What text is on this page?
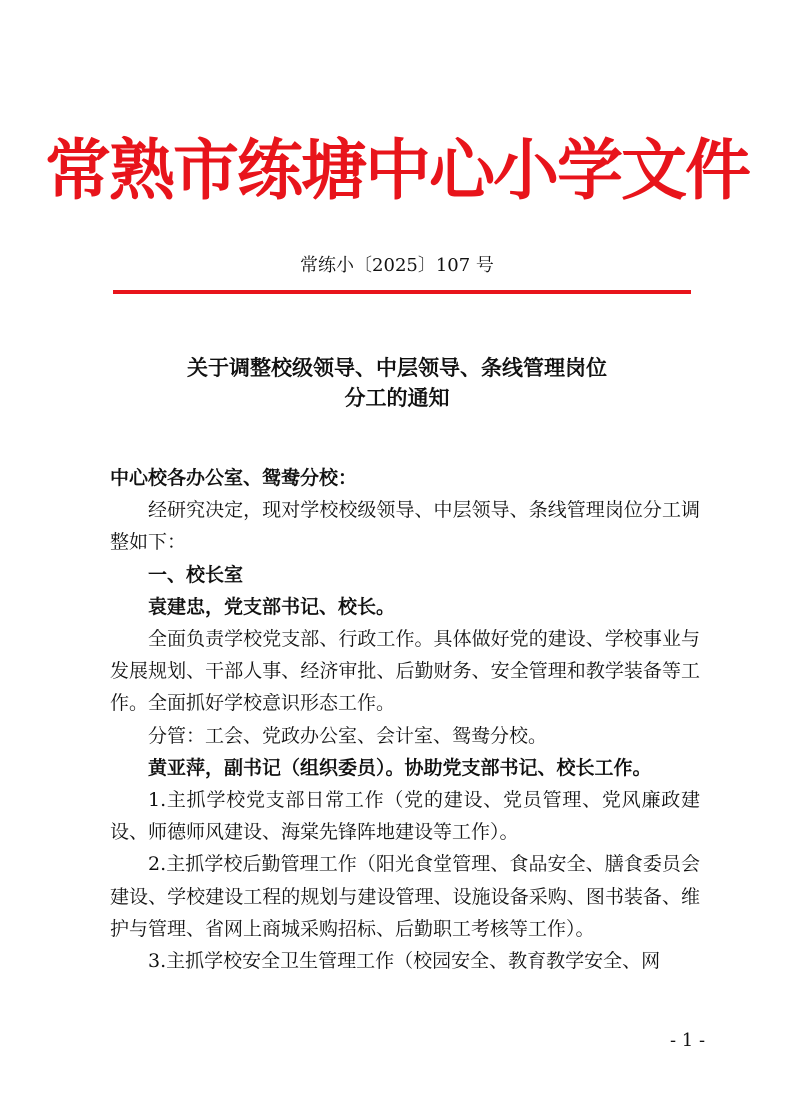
常熟市练塘中心小学文件
常练小〔2025〕107 号
关于调整校级领导、中层领导、条线管理岗位
分工的通知

中心校各办公室、鸳鸯分校：

经研究决定，现对学校校级领导、中层领导、条线管理岗位分工调整如下：

一、校长室

袁建忠，党支部书记、校长。

全面负责学校党支部、行政工作。具体做好党的建设、学校事业与发展规划、干部人事、经济审批、后勤财务、安全管理和教学装备等工作。全面抓好学校意识形态工作。

分管：工会、党政办公室、会计室、鸳鸯分校。

黄亚萍，副书记（组织委员）。协助党支部书记、校长工作。

1.主抓学校党支部日常工作（党的建设、党员管理、党风廉政建设、师德师风建设、海棠先锋阵地建设等工作）。

2.主抓学校后勤管理工作（阳光食堂管理、食品安全、膳食委员会建设、学校建设工程的规划与建设管理、设施设备采购、图书装备、维护与管理、省网上商城采购招标、后勤职工考核等工作）。

3.主抓学校安全卫生管理工作（校园安全、教育教学安全、网

- 1 -
